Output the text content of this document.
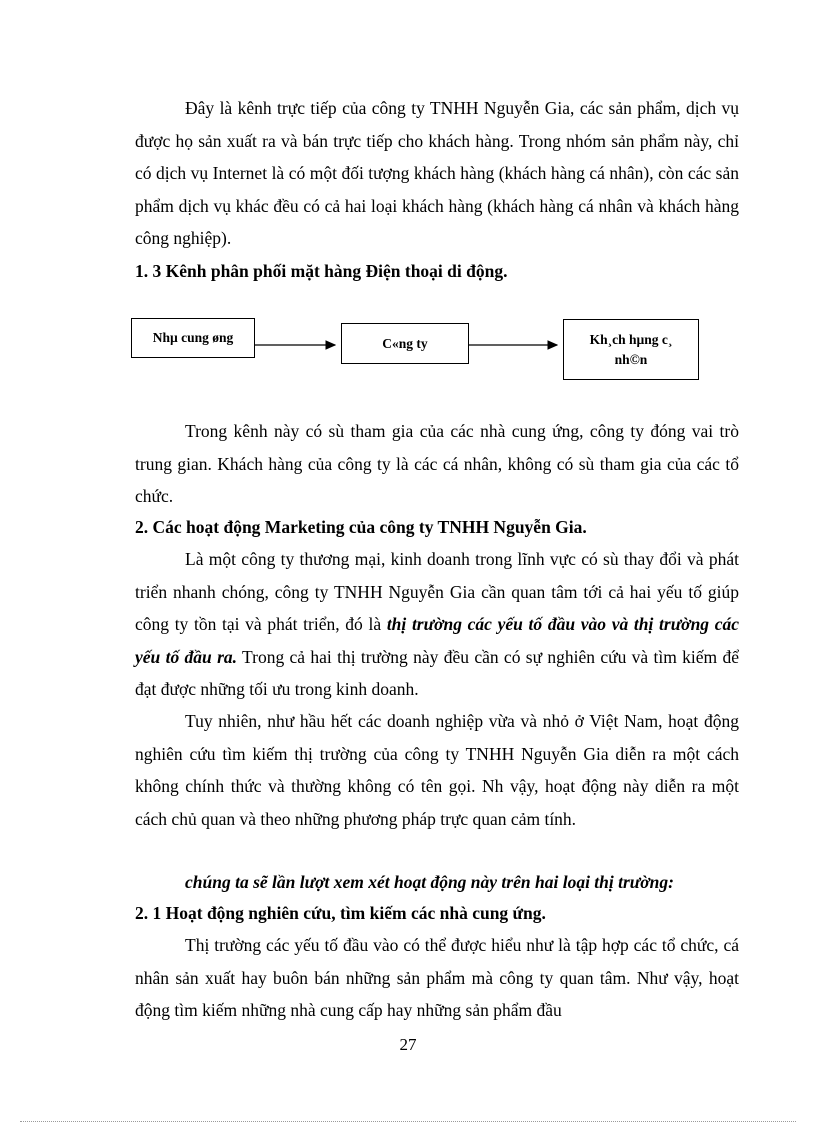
Đây là kênh trực tiếp của công ty TNHH Nguyễn Gia, các sản phẩm, dịch vụ được họ sản xuất ra và bán trực tiếp cho khách hàng. Trong nhóm sản phẩm này, chỉ có dịch vụ Internet là có một đối tượng khách hàng (khách hàng cá nhân), còn các sản phẩm dịch vụ khác đều có cả hai loại khách hàng (khách hàng cá nhân và khách hàng công nghiệp).

1. 3 Kênh phân phối mặt hàng Điện thoại di động.
Nhµ cung øng	C«ng ty	Kh¸ch hµng c¸
nh©n

Trong kênh này có sù tham gia của các nhà cung ứng, công ty đóng vai trò trung gian. Khách hàng của công ty là các cá nhân, không có sù tham gia của các tổ chức.

2. Các hoạt động Marketing của công ty TNHH Nguyễn Gia.

Là một công ty thương mại, kinh doanh trong lĩnh vực có sù thay đổi và phát triển nhanh chóng, công ty TNHH Nguyễn Gia cần quan tâm tới cả hai yếu tố giúp công ty tồn tại và phát triển, đó là thị trường các yếu tố đầu vào và thị trường các yếu tố đầu ra. Trong cả hai thị trường này đều cần có sự nghiên cứu và tìm kiếm để đạt được những tối ưu trong kinh doanh.

Tuy nhiên, như hầu hết các doanh nghiệp vừa và nhỏ ở Việt Nam, hoạt động nghiên cứu tìm kiếm thị trường của công ty TNHH Nguyễn Gia diễn ra một cách không chính thức và thường không có tên gọi. Nh vậy, hoạt động này diễn ra một cách chủ quan và theo những phương pháp trực quan cảm tính.

chúng ta sẽ lần lượt xem xét hoạt động này trên hai loại thị trường:

2. 1 Hoạt động nghiên cứu, tìm kiếm các nhà cung ứng.

Thị trường các yếu tố đầu vào có thể được hiểu như là tập hợp các tổ chức, cá nhân sản xuất hay buôn bán những sản phẩm mà công ty quan tâm. Như vậy, hoạt động tìm kiếm những nhà cung cấp hay những sản phẩm đầu

27
